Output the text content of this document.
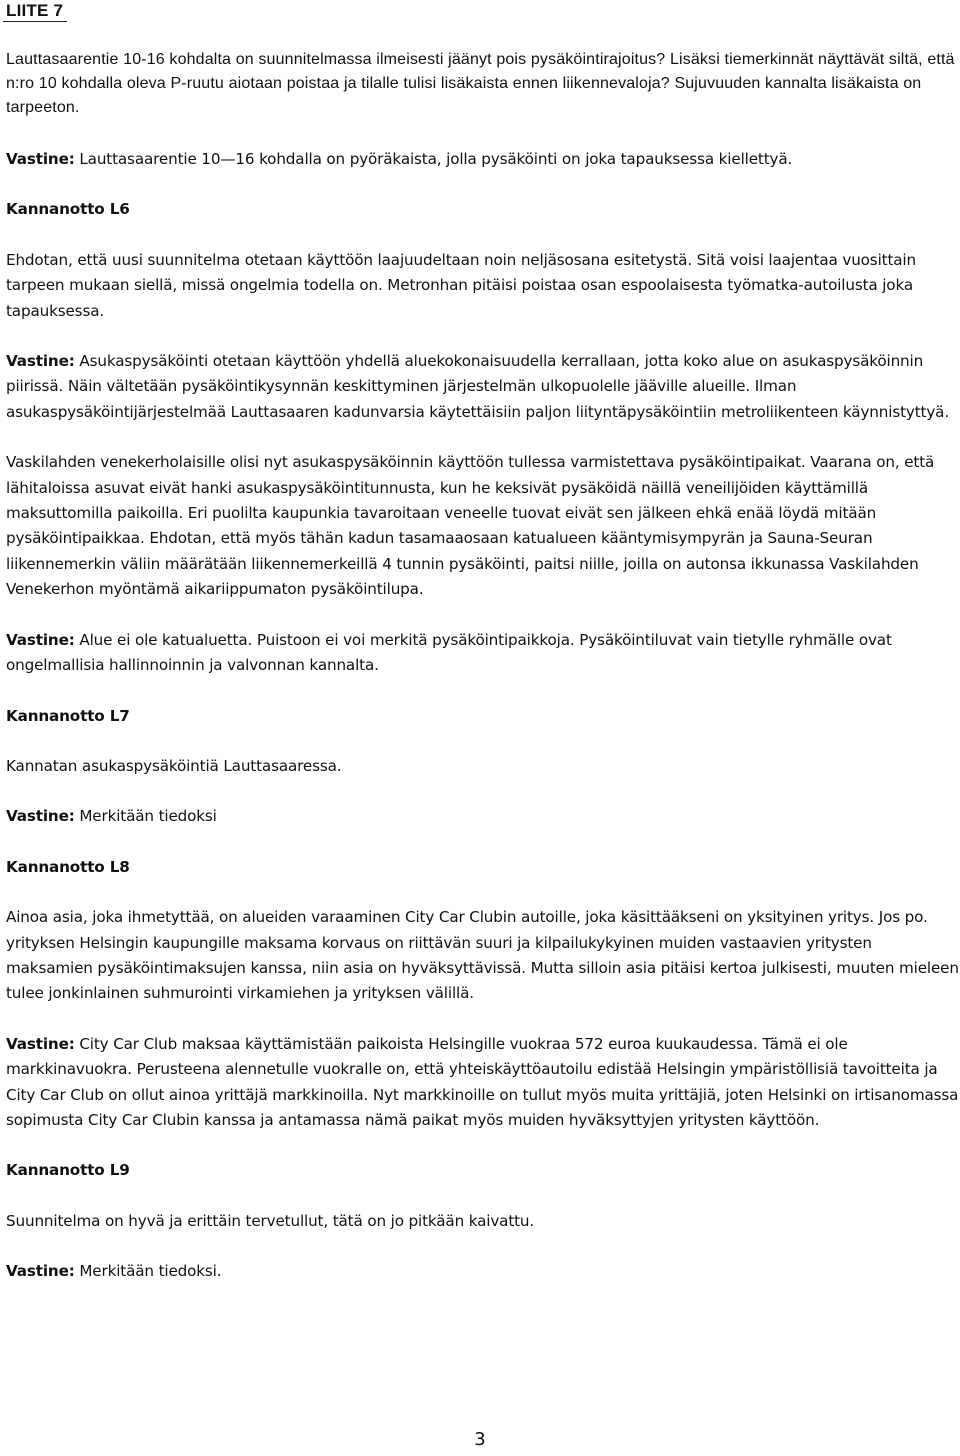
LIITE 7

Lauttasaarentie 10-16 kohdalta on suunnitelmassa ilmeisesti jäänyt pois pysäköintirajoitus? Lisäksi tiemerkinnät näyttävät siltä, että n:ro 10 kohdalla oleva P-ruutu aiotaan poistaa ja tilalle tulisi lisäkaista ennen liikennevaloja? Sujuvuuden kannalta lisäkaista on tarpeeton.

Vastine: Lauttasaarentie 10—16 kohdalla on pyöräkaista, jolla pysäköinti on joka tapauksessa kiellettyä.

Kannanotto L6

Ehdotan, että uusi suunnitelma otetaan käyttöön laajuudeltaan noin neljäsosana esitetystä. Sitä voisi laajentaa vuosittain tarpeen mukaan siellä, missä ongelmia todella on. Metronhan pitäisi poistaa osan espoolaisesta työmatka-autoilusta joka tapauksessa.

Vastine: Asukaspysäköinti otetaan käyttöön yhdellä aluekokonaisuudella kerrallaan, jotta koko alue on asukaspysäköinnin piirissä. Näin vältetään pysäköintikysynnän keskittyminen järjestelmän ulkopuolelle jääville alueille. Ilman asukaspysäköintijärjestelmää Lauttasaaren kadunvarsia käytettäisiin paljon liityntäpysäköintiin metroliikenteen käynnistyttyä.

Vaskilahden venekerholaisille olisi nyt asukaspysäköinnin käyttöön tullessa varmistettava pysäköintipaikat. Vaarana on, että lähitaloissa asuvat eivät hanki asukaspysäköintitunnusta, kun he keksivät pysäköidä näillä veneilijöiden käyttämillä maksuttomilla paikoilla. Eri puolilta kaupunkia tavaroitaan veneelle tuovat eivät sen jälkeen ehkä enää löydä mitään pysäköintipaikkaa. Ehdotan, että myös tähän kadun tasamaaosaan katualueen kääntymisympyrän ja Sauna-Seuran liikennemerkin väliin määrätään liikennemerkeillä 4 tunnin pysäköinti, paitsi niille, joilla on autonsa ikkunassa Vaskilahden Venekerhon myöntämä aikariippumaton pysäköintilupa.

Vastine: Alue ei ole katualuetta. Puistoon ei voi merkitä pysäköintipaikkoja. Pysäköintiluvat vain tietylle ryhmälle ovat ongelmallisia hallinnoinnin ja valvonnan kannalta.

Kannanotto L7

Kannatan asukaspysäköintiä Lauttasaaressa.

Vastine: Merkitään tiedoksi

Kannanotto L8

Ainoa asia, joka ihmetyttää, on alueiden varaaminen City Car Clubin autoille, joka käsittääkseni on yksityinen yritys. Jos po. yrityksen Helsingin kaupungille maksama korvaus on riittävän suuri ja kilpailukykyinen muiden vastaavien yritysten maksamien pysäköintimaksujen kanssa, niin asia on hyväksyttävissä. Mutta silloin asia pitäisi kertoa julkisesti, muuten mieleen tulee jonkinlainen suhmurointi virkamiehen ja yrityksen välillä.

Vastine: City Car Club maksaa käyttämistään paikoista Helsingille vuokraa 572 euroa kuukaudessa. Tämä ei ole markkinavuokra. Perusteena alennetulle vuokralle on, että yhteiskäyttöautoilu edistää Helsingin ympäristöllisiä tavoitteita ja City Car Club on ollut ainoa yrittäjä markkinoilla. Nyt markkinoille on tullut myös muita yrittäjiä, joten Helsinki on irtisanomassa sopimusta City Car Clubin kanssa ja antamassa nämä paikat myös muiden hyväksyttyjen yritysten käyttöön.

Kannanotto L9

Suunnitelma on hyvä ja erittäin tervetullut, tätä on jo pitkään kaivattu.

Vastine: Merkitään tiedoksi.

3
